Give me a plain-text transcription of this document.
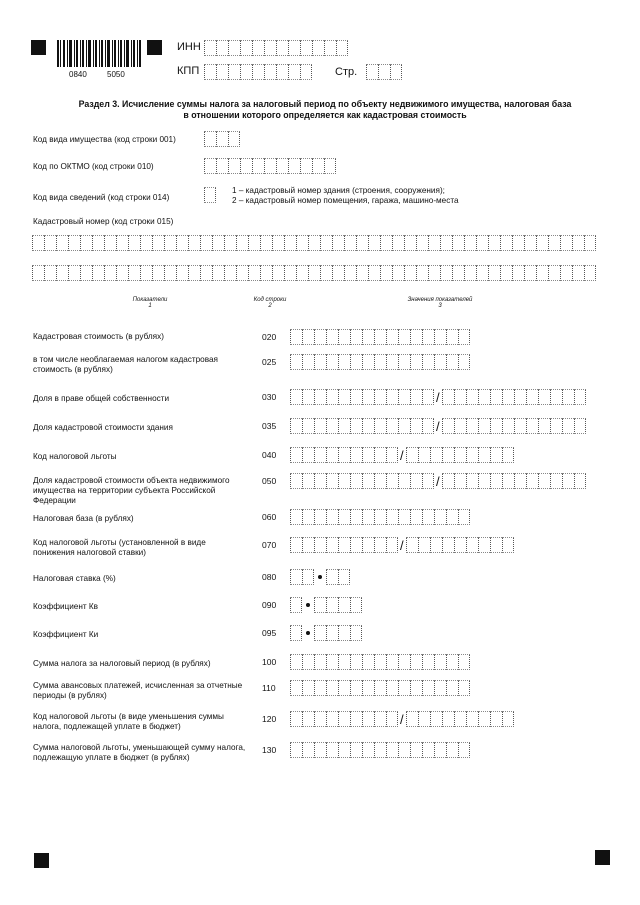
0840	5050
ИНН
КПП	Стр.
Раздел 3. Исчисление суммы налога за налоговый период по объекту недвижимого имущества, налоговая база
в отношении которого определяется как кадастровая стоимость
Код вида имущества (код строки 001)
Код по ОКТМО (код строки 010)
Код вида сведений (код строки 014)
1 – кадастровый номер здания (строения, сооружения);
2 – кадастровый номер помещения, гаража, машино-места
Кадастровый номер (код строки 015)
Показатели
1
Код строки
2
Значения показателей
3
Кадастровая стоимость (в рублях)	020
в том числе необлагаемая налогом кадастровая стоимость (в рублях)
025
Доля в праве общей собственности	030	/
Доля кадастровой стоимости здания	035	/
Код налоговой льготы	040	/
Доля кадастровой стоимости объекта недвижимого имущества на территории субъекта Российской Федерации
050	/
Налоговая база (в рублях)	060
Код налоговой льготы (установленной в виде понижения налоговой ставки)
070	/
Налоговая ставка (%)	080
Коэффициент Кв	090
Коэффициент Ки	095
Сумма налога за налоговый период (в рублях)	100
Сумма авансовых платежей, исчисленная за отчетные периоды (в рублях)
110
Код налоговой льготы (в виде уменьшения суммы налога, подлежащей уплате в бюджет)
120	/
Сумма налоговой льготы, уменьшающей сумму налога, подлежащую уплате в бюджет (в рублях)
130
